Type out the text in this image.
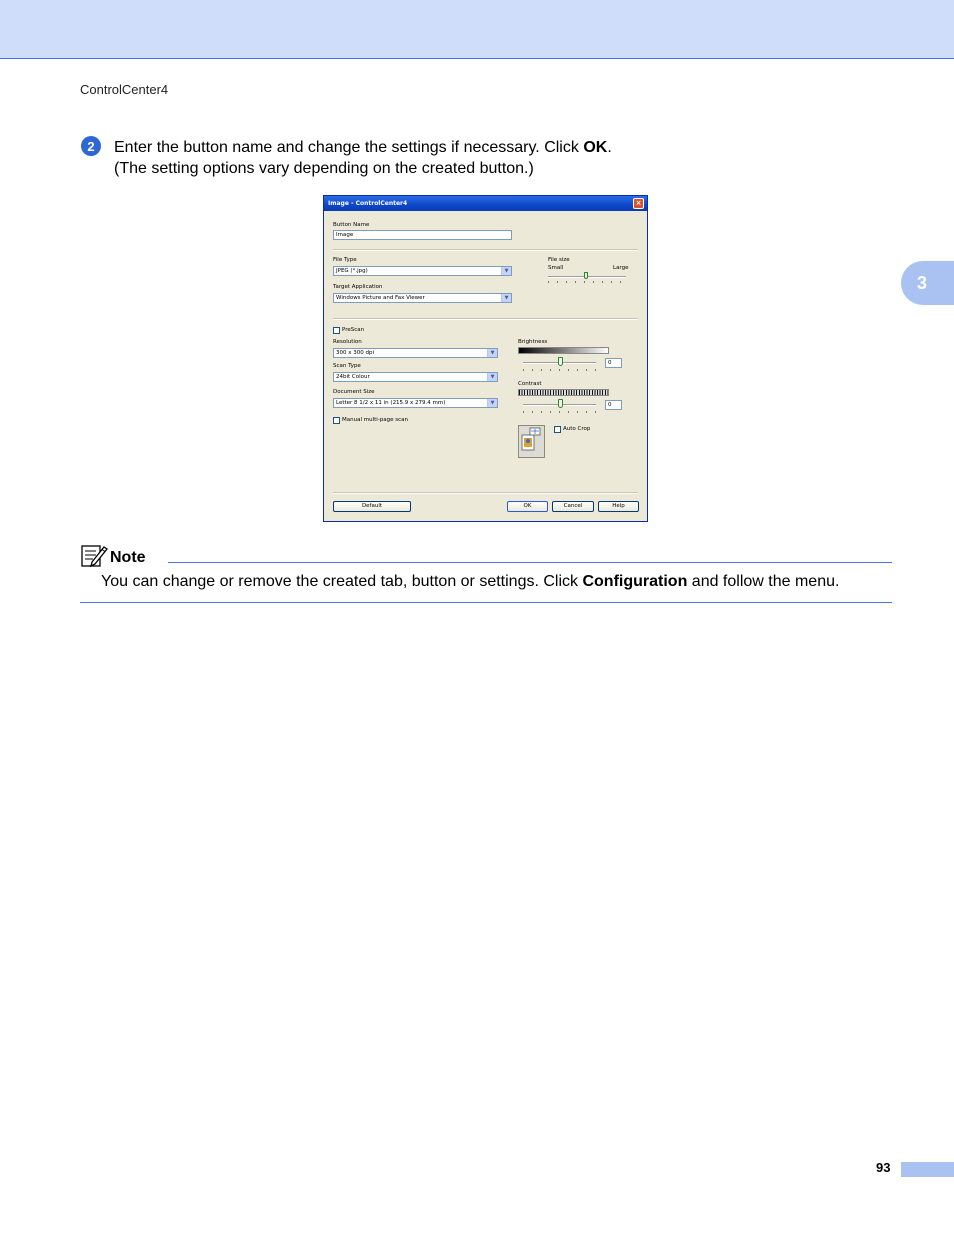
ControlCenter4
3
2	Enter the button name and change the settings if necessary. Click OK.
(The setting options vary depending on the created button.)
Image - ControlCenter4	×
Button Name
Image
File Type
JPEG (*.jpg)	▼
Target Application
Windows Picture and Fax Viewer	▼
File size
Small	Large
PreScan
Resolution
300 x 300 dpi	▼
Scan Type
24bit Colour	▼
Document Size
Letter 8 1/2 x 11 in (215.9 x 279.4 mm)	▼
Manual multi-page scan
Brightness
0
Contrast
0
Auto Crop
Default	OK	Cancel	Help
Note
You can change or remove the created tab, button or settings. Click Configuration and follow the menu.
93
